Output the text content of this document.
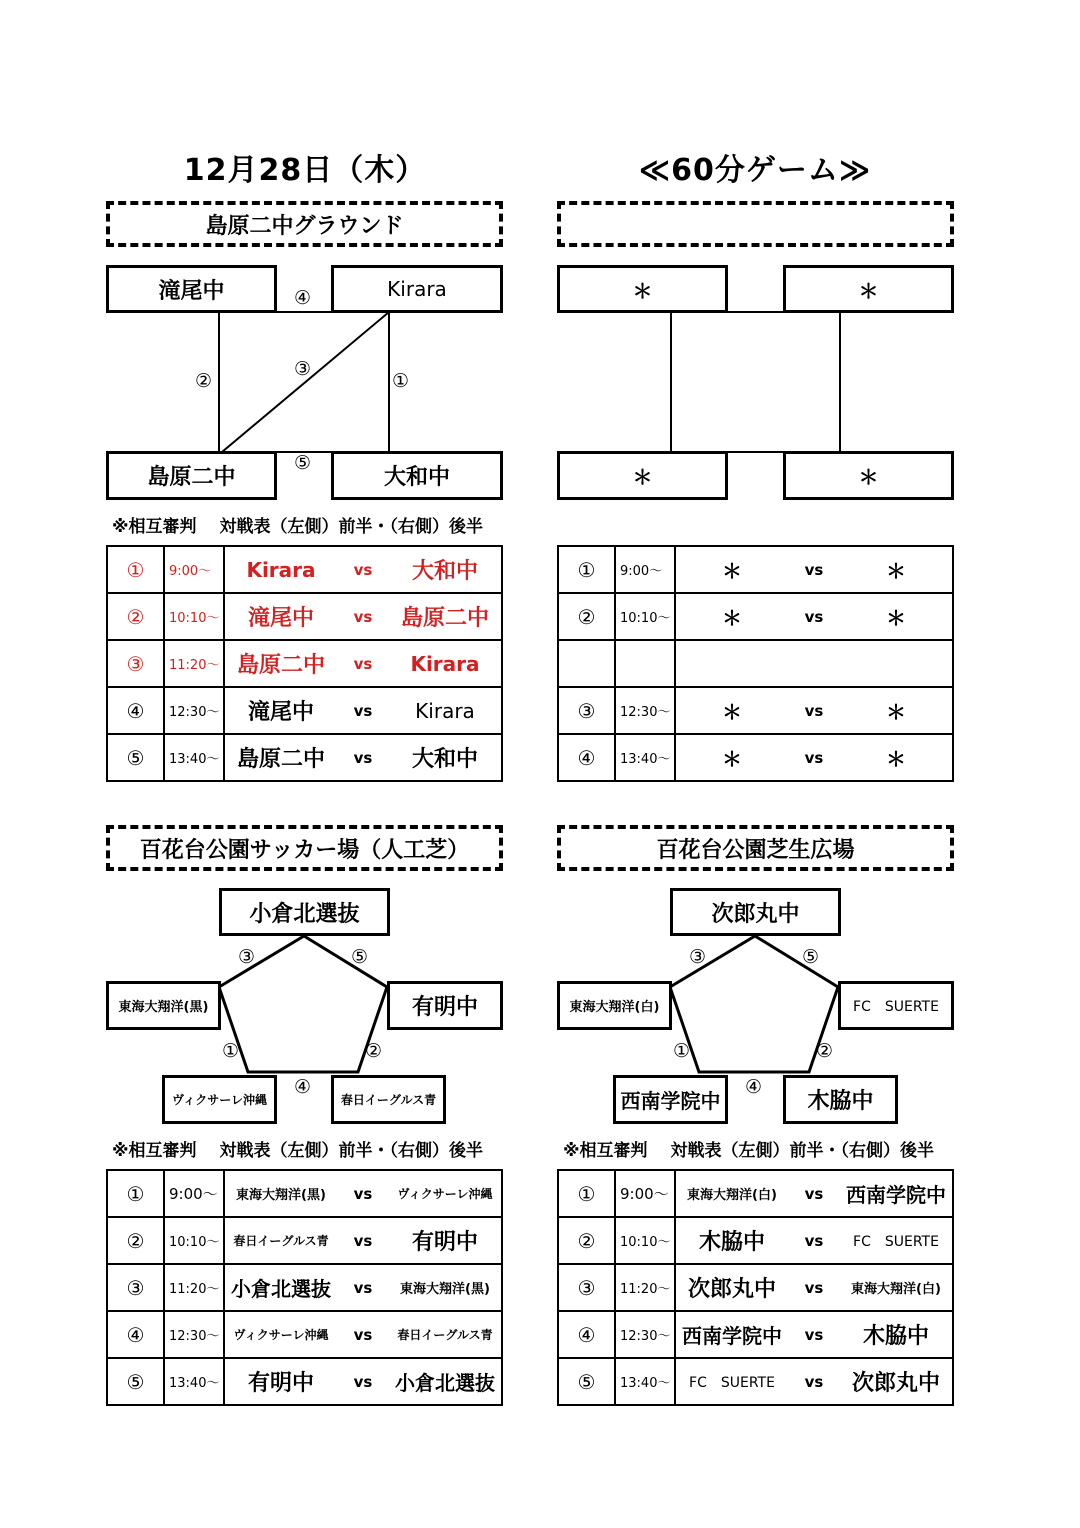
12月28日（木）	≪60分ゲーム≫
島原二中グラウンド
滝尾中	Kirara
島原二中	大和中
④
②
③
①
⑤
※相互審判　 対戦表（左側）前半・（右側）後半
①	9:00～	Kirara vs 大和中

②	10:10～	滝尾中 vs 島原二中

③	11:20～	島原二中 vs Kirara

④	12:30～	滝尾中 vs Kirara

⑤	13:40～	島原二中 vs 大和中
＊	＊
＊	＊
①	9:00～	＊ vs ＊

②	10:10～	＊ vs ＊

③	12:30～	＊ vs ＊

④	13:40～	＊ vs ＊
百花台公園サッカー場（人工芝）
小倉北選抜
東海大翔洋(黒)	有明中
ヴィクサーレ沖縄	春日イーグルス青
③	⑤
①	②
④
※相互審判　 対戦表（左側）前半・（右側）後半
①	9:00～	東海大翔洋(黒) vs ヴィクサーレ沖縄

②	10:10～	春日イーグルス青 vs 有明中

③	11:20～	小倉北選抜 vs 東海大翔洋(黒)

④	12:30～	ヴィクサーレ沖縄 vs 春日イーグルス青

⑤	13:40～	有明中 vs 小倉北選抜
百花台公園芝生広場
次郎丸中
東海大翔洋(白)	FC　SUERTE
西南学院中	木脇中
③	⑤
①	②
④
※相互審判　 対戦表（左側）前半・（右側）後半
①	9:00～	東海大翔洋(白) vs 西南学院中

②	10:10～	木脇中 vs FC　SUERTE

③	11:20～	次郎丸中 vs 東海大翔洋(白)

④	12:30～	西南学院中 vs 木脇中

⑤	13:40～	FC　SUERTE vs 次郎丸中
